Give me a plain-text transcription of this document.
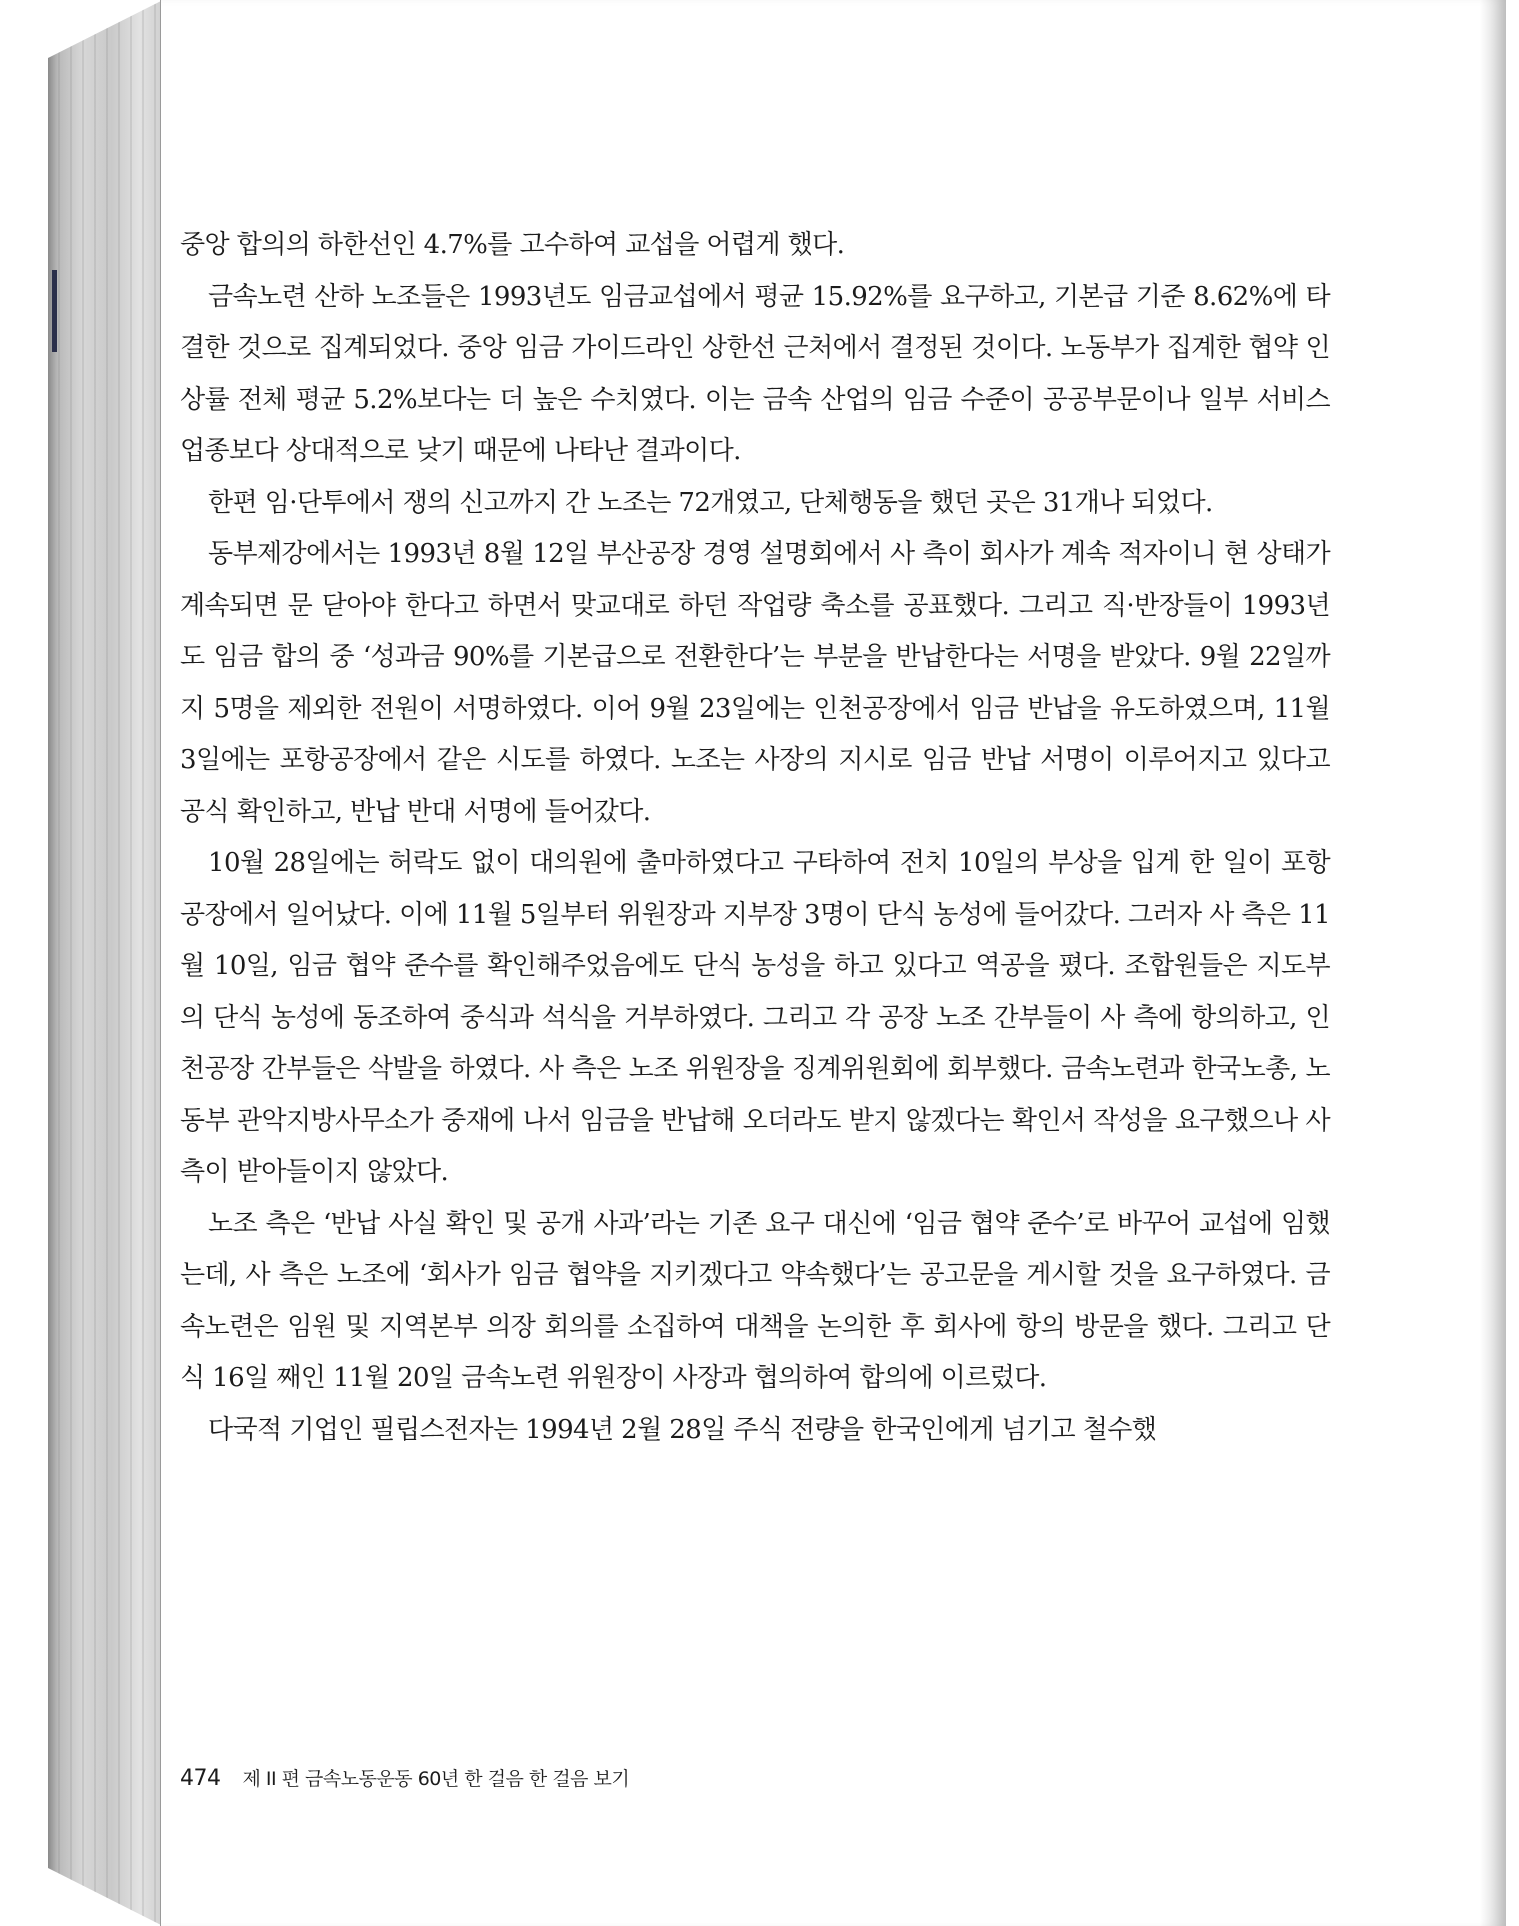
중앙 합의의 하한선인 4.7%를 고수하여 교섭을 어렵게 했다.

금속노련 산하 노조들은 1993년도 임금교섭에서 평균 15.92%를 요구하고, 기본급 기준 8.62%에 타결한 것으로 집계되었다. 중앙 임금 가이드라인 상한선 근처에서 결정된 것이다. 노동부가 집계한 협약 인상률 전체 평균 5.2%보다는 더 높은 수치였다. 이는 금속 산업의 임금 수준이 공공부문이나 일부 서비스 업종보다 상대적으로 낮기 때문에 나타난 결과이다.

한편 임·단투에서 쟁의 신고까지 간 노조는 72개였고, 단체행동을 했던 곳은 31개나 되었다.

동부제강에서는 1993년 8월 12일 부산공장 경영 설명회에서 사 측이 회사가 계속 적자이니 현 상태가 계속되면 문 닫아야 한다고 하면서 맞교대로 하던 작업량 축소를 공표했다. 그리고 직·반장들이 1993년도 임금 합의 중 ‘성과금 90%를 기본급으로 전환한다’는 부분을 반납한다는 서명을 받았다. 9월 22일까지 5명을 제외한 전원이 서명하였다. 이어 9월 23일에는 인천공장에서 임금 반납을 유도하였으며, 11월 3일에는 포항공장에서 같은 시도를 하였다. 노조는 사장의 지시로 임금 반납 서명이 이루어지고 있다고 공식 확인하고, 반납 반대 서명에 들어갔다.

10월 28일에는 허락도 없이 대의원에 출마하였다고 구타하여 전치 10일의 부상을 입게 한 일이 포항공장에서 일어났다. 이에 11월 5일부터 위원장과 지부장 3명이 단식 농성에 들어갔다. 그러자 사 측은 11월 10일, 임금 협약 준수를 확인해주었음에도 단식 농성을 하고 있다고 역공을 폈다. 조합원들은 지도부의 단식 농성에 동조하여 중식과 석식을 거부하였다. 그리고 각 공장 노조 간부들이 사 측에 항의하고, 인천공장 간부들은 삭발을 하였다. 사 측은 노조 위원장을 징계위원회에 회부했다. 금속노련과 한국노총, 노동부 관악지방사무소가 중재에 나서 임금을 반납해 오더라도 받지 않겠다는 확인서 작성을 요구했으나 사 측이 받아들이지 않았다.

노조 측은 ‘반납 사실 확인 및 공개 사과’라는 기존 요구 대신에 ‘임금 협약 준수’로 바꾸어 교섭에 임했는데, 사 측은 노조에 ‘회사가 임금 협약을 지키겠다고 약속했다’는 공고문을 게시할 것을 요구하였다. 금속노련은 임원 및 지역본부 의장 회의를 소집하여 대책을 논의한 후 회사에 항의 방문을 했다. 그리고 단식 16일 째인 11월 20일 금속노련 위원장이 사장과 협의하여 합의에 이르렀다.

다국적 기업인 필립스전자는 1994년 2월 28일 주식 전량을 한국인에게 넘기고 철수했

474 제 II 편 금속노동운동 60년 한 걸음 한 걸음 보기
